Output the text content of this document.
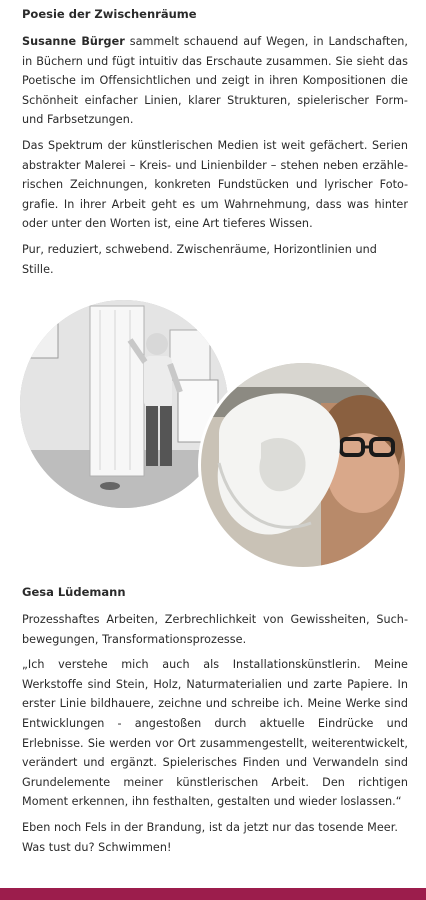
Poesie der Zwischenräume

Susanne Bürger sammelt schauend auf Wegen, in Landschaften, in Büchern und fügt intuitiv das Erschaute zusammen. Sie sieht das Poetische im Offensichtlichen und zeigt in ihren Kompositionen die Schönheit einfacher Linien, klarer Strukturen, spielerischer Form- und Farbsetzungen.

Das Spektrum der künstlerischen Medien ist weit gefächert. Serien abstrakter Malerei – Kreis- und Linienbilder – stehen neben erzählerischen Zeichnungen, konkreten Fundstücken und lyrischer Fotografie. In ihrer Arbeit geht es um Wahrnehmung, dass was hinter oder unter den Worten ist, eine Art tieferes Wissen.

Pur, reduziert, schwebend. Zwischenräume, Horizontlinien und Stille.

Gesa Lüdemann

Prozesshaftes Arbeiten, Zerbrechlichkeit von Gewissheiten, Suchbewegungen, Transformationsprozesse.

„Ich verstehe mich auch als Installationskünstlerin. Meine Werkstoffe sind Stein, Holz, Naturmaterialien und zarte Papiere. In erster Linie bildhauere, zeichne und schreibe ich. Meine Werke sind Entwicklungen - angestoßen durch aktuelle Eindrücke und Erlebnisse. Sie werden vor Ort zusammengestellt, weiterentwickelt, verändert und ergänzt. Spielerisches Finden und Verwandeln sind Grundelemente meiner künstlerischen Arbeit. Den richtigen Moment erkennen, ihn festhalten, gestalten und wieder loslassen.“

Eben noch Fels in der Brandung, ist da jetzt nur das tosende Meer. Was tust du? Schwimmen!
